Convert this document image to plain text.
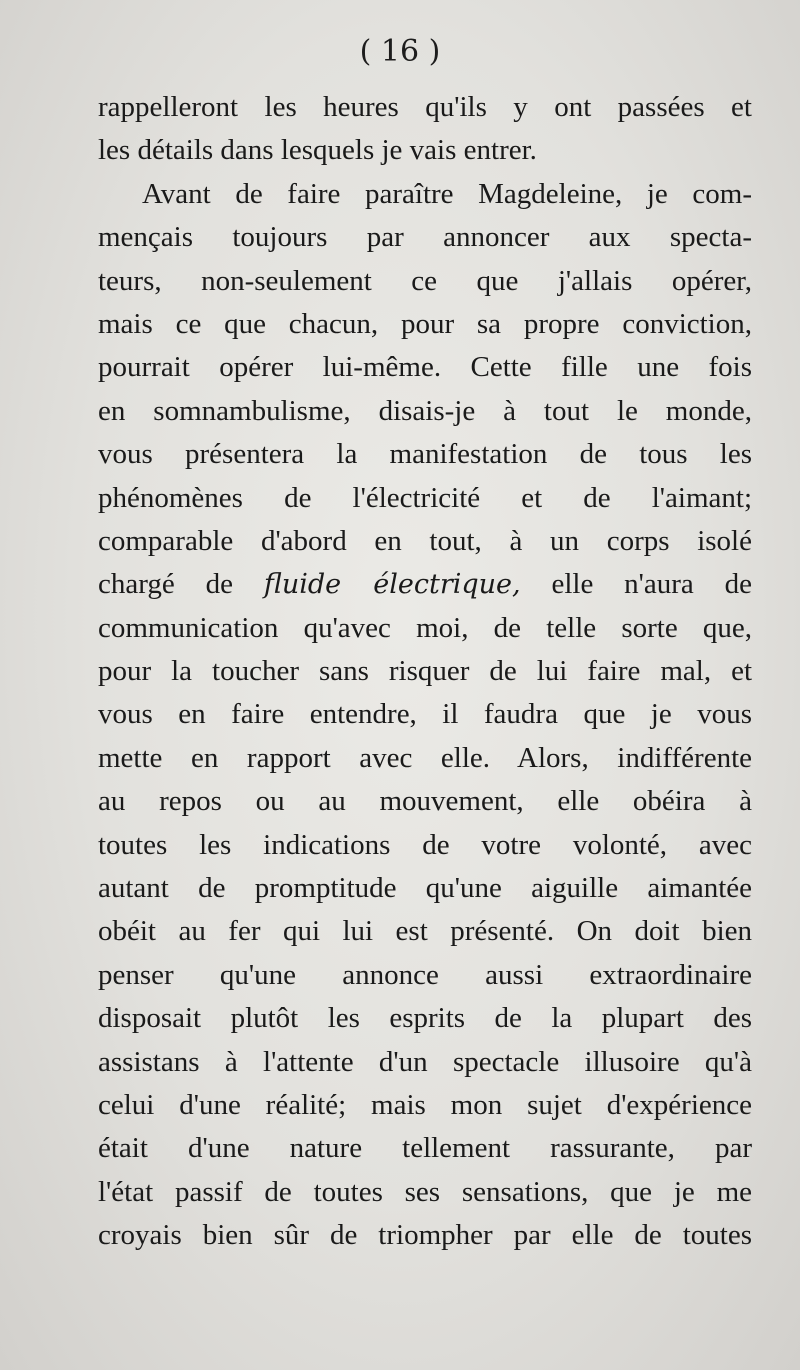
( 16 )
rappelleront les heures qu'ils y ont passées et
les détails dans lesquels je vais entrer.
Avant de faire paraître Magdeleine, je com-
mençais toujours par annoncer aux specta-
teurs, non-seulement ce que j'allais opérer,
mais ce que chacun, pour sa propre conviction,
pourrait opérer lui-même. Cette fille une fois
en somnambulisme, disais-je à tout le monde,
vous présentera la manifestation de tous les
phénomènes de l'électricité et de l'aimant;
comparable d'abord en tout, à un corps isolé
chargé de fluide électrique, elle n'aura de
communication qu'avec moi, de telle sorte que,
pour la toucher sans risquer de lui faire mal, et
vous en faire entendre, il faudra que je vous
mette en rapport avec elle. Alors, indifférente
au repos ou au mouvement, elle obéira à
toutes les indications de votre volonté, avec
autant de promptitude qu'une aiguille aimantée
obéit au fer qui lui est présenté. On doit bien
penser qu'une annonce aussi extraordinaire
disposait plutôt les esprits de la plupart des
assistans à l'attente d'un spectacle illusoire qu'à
celui d'une réalité; mais mon sujet d'expérience
était d'une nature tellement rassurante, par
l'état passif de toutes ses sensations, que je me
croyais bien sûr de triompher par elle de toutes
